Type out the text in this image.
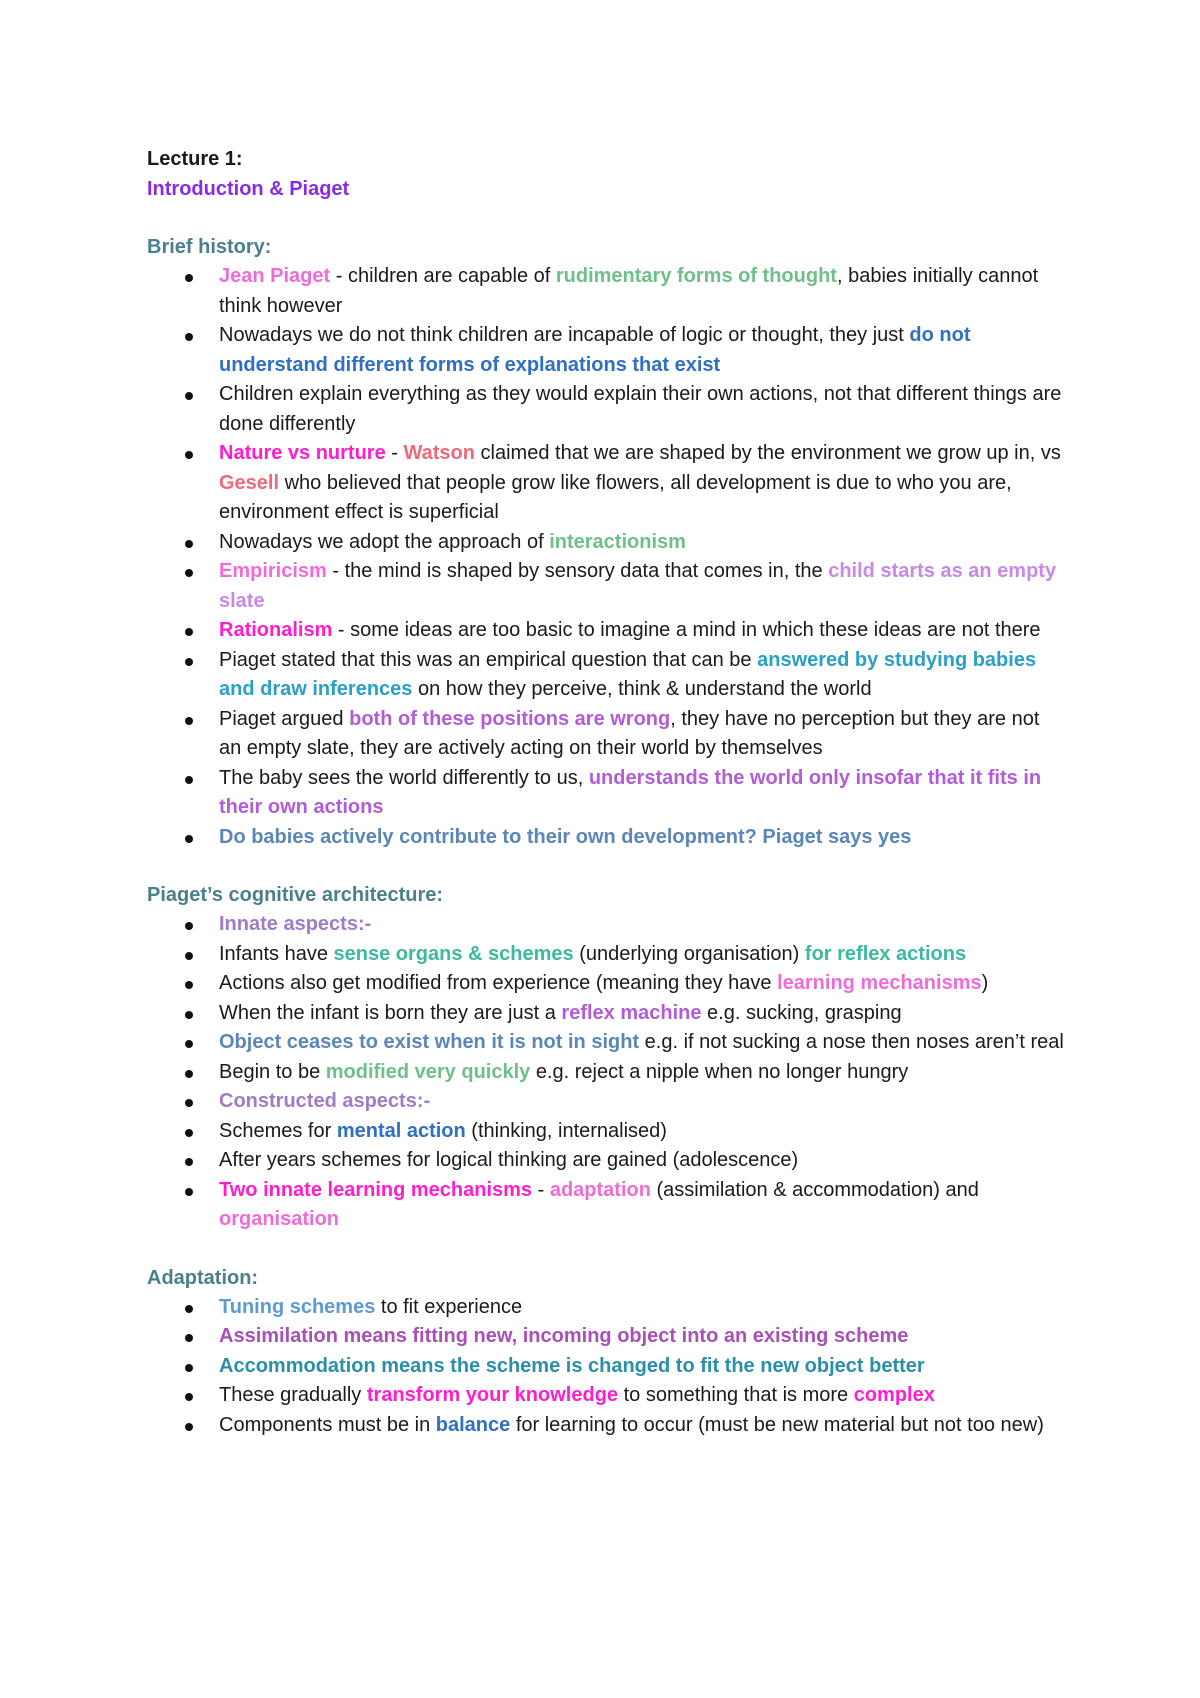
Lecture 1:

Introduction & Piaget

Brief history:

Jean Piaget - children are capable of rudimentary forms of thought, babies initially cannot think however
Nowadays we do not think children are incapable of logic or thought, they just do not understand different forms of explanations that exist
Children explain everything as they would explain their own actions, not that different things are done differently
Nature vs nurture - Watson claimed that we are shaped by the environment we grow up in, vs Gesell who believed that people grow like flowers, all development is due to who you are, environment effect is superficial
Nowadays we adopt the approach of interactionism
Empiricism - the mind is shaped by sensory data that comes in, the child starts as an empty slate
Rationalism - some ideas are too basic to imagine a mind in which these ideas are not there
Piaget stated that this was an empirical question that can be answered by studying babies and draw inferences on how they perceive, think & understand the world
Piaget argued both of these positions are wrong, they have no perception but they are not an empty slate, they are actively acting on their world by themselves
The baby sees the world differently to us, understands the world only insofar that it fits in their own actions
Do babies actively contribute to their own development? Piaget says yes

Piaget’s cognitive architecture:

Innate aspects:-
Infants have sense organs & schemes (underlying organisation) for reflex actions
Actions also get modified from experience (meaning they have learning mechanisms)
When the infant is born they are just a reflex machine e.g. sucking, grasping
Object ceases to exist when it is not in sight e.g. if not sucking a nose then noses aren’t real
Begin to be modified very quickly e.g. reject a nipple when no longer hungry
Constructed aspects:-
Schemes for mental action (thinking, internalised)
After years schemes for logical thinking are gained (adolescence)
Two innate learning mechanisms - adaptation (assimilation & accommodation) and organisation

Adaptation:

Tuning schemes to fit experience
Assimilation means fitting new, incoming object into an existing scheme
Accommodation means the scheme is changed to fit the new object better
These gradually transform your knowledge to something that is more complex
Components must be in balance for learning to occur (must be new material but not too new)
